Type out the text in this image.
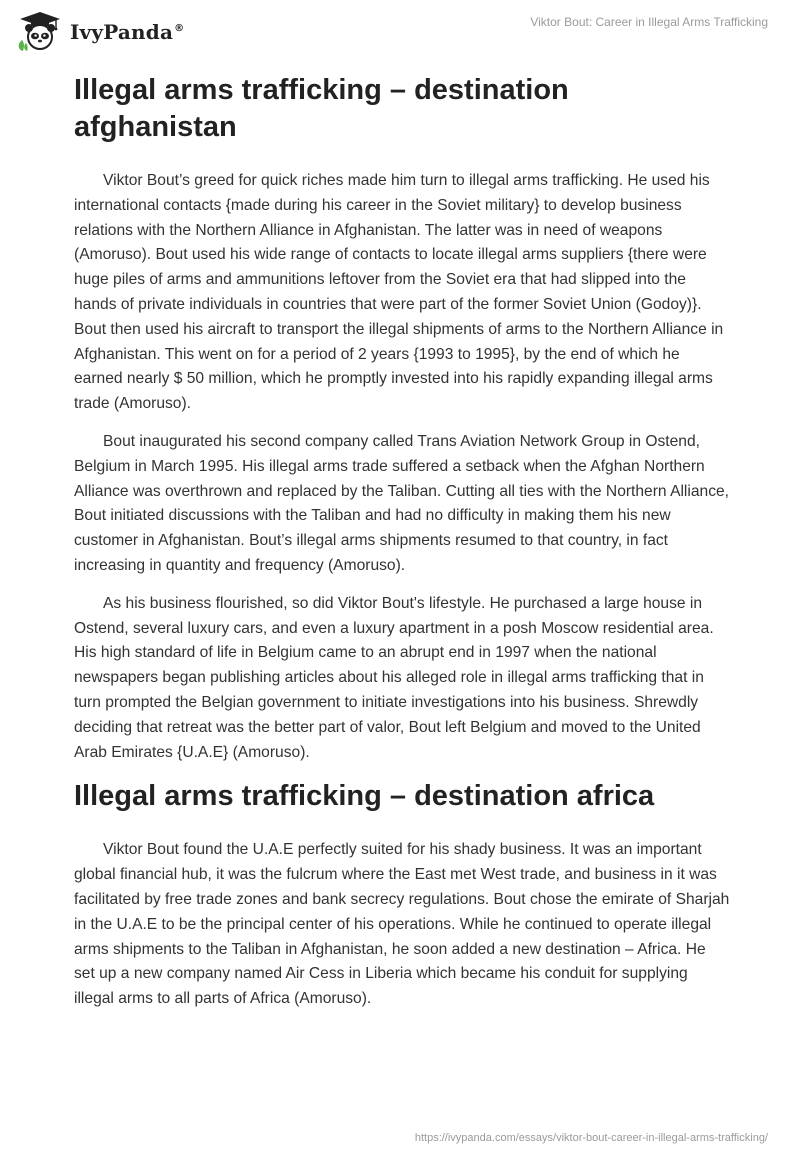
IvyPanda®	Viktor Bout: Career in Illegal Arms Trafficking
Illegal arms trafficking – destination afghanistan

Viktor Bout’s greed for quick riches made him turn to illegal arms trafficking. He used his international contacts {made during his career in the Soviet military} to develop business relations with the Northern Alliance in Afghanistan. The latter was in need of weapons (Amoruso). Bout used his wide range of contacts to locate illegal arms suppliers {there were huge piles of arms and ammunitions leftover from the Soviet era that had slipped into the hands of private individuals in countries that were part of the former Soviet Union (Godoy)}. Bout then used his aircraft to transport the illegal shipments of arms to the Northern Alliance in Afghanistan. This went on for a period of 2 years {1993 to 1995}, by the end of which he earned nearly $ 50 million, which he promptly invested into his rapidly expanding illegal arms trade (Amoruso).

Bout inaugurated his second company called Trans Aviation Network Group in Ostend, Belgium in March 1995. His illegal arms trade suffered a setback when the Afghan Northern Alliance was overthrown and replaced by the Taliban. Cutting all ties with the Northern Alliance, Bout initiated discussions with the Taliban and had no difficulty in making them his new customer in Afghanistan. Bout’s illegal arms shipments resumed to that country, in fact increasing in quantity and frequency (Amoruso).

As his business flourished, so did Viktor Bout's lifestyle. He purchased a large house in Ostend, several luxury cars, and even a luxury apartment in a posh Moscow residential area. His high standard of life in Belgium came to an abrupt end in 1997 when the national newspapers began publishing articles about his alleged role in illegal arms trafficking that in turn prompted the Belgian government to initiate investigations into his business. Shrewdly deciding that retreat was the better part of valor, Bout left Belgium and moved to the United Arab Emirates {U.A.E} (Amoruso).

Illegal arms trafficking – destination africa

Viktor Bout found the U.A.E perfectly suited for his shady business. It was an important global financial hub, it was the fulcrum where the East met West trade, and business in it was facilitated by free trade zones and bank secrecy regulations. Bout chose the emirate of Sharjah in the U.A.E to be the principal center of his operations. While he continued to operate illegal arms shipments to the Taliban in Afghanistan, he soon added a new destination – Africa. He set up a new company named Air Cess in Liberia which became his conduit for supplying illegal arms to all parts of Africa (Amoruso).

https://ivypanda.com/essays/viktor-bout-career-in-illegal-arms-trafficking/
